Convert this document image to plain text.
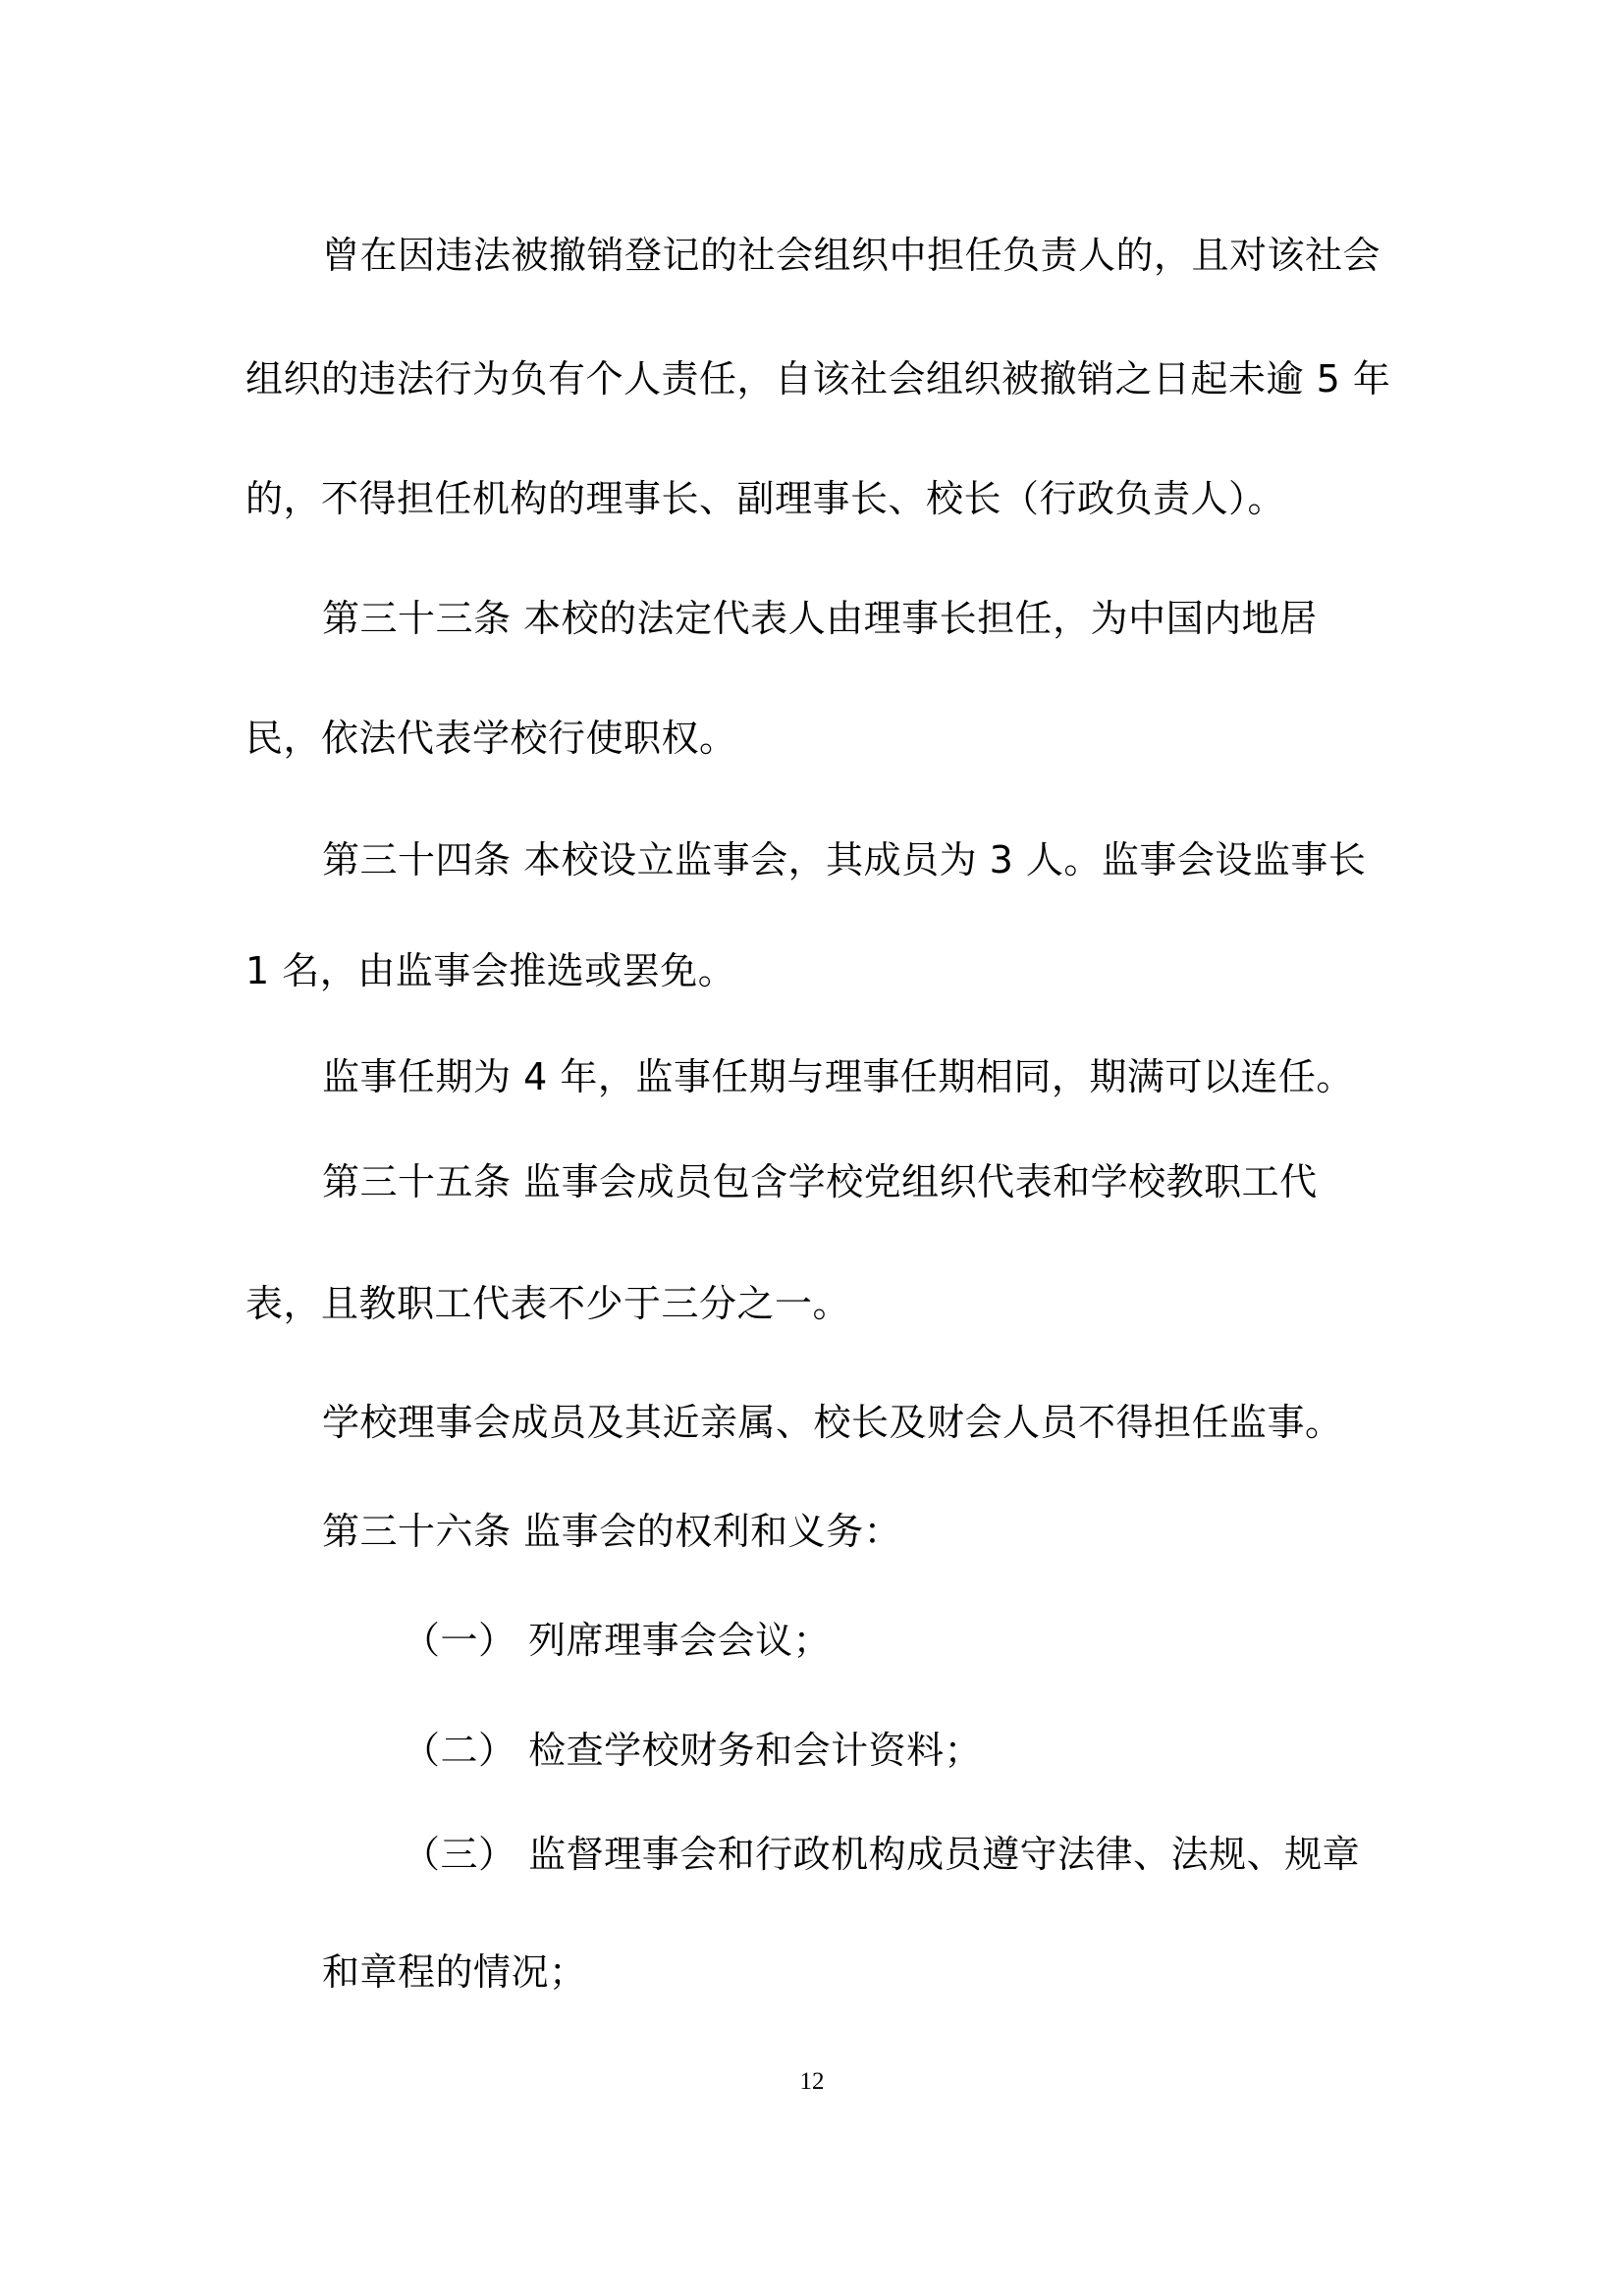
曾在因违法被撤销登记的社会组织中担任负责人的，且对该社会
组织的违法行为负有个人责任，自该社会组织被撤销之日起未逾 5 年
的，不得担任机构的理事长、副理事长、校长（行政负责人）。
第三十三条 本校的法定代表人由理事长担任，为中国内地居
民，依法代表学校行使职权。
第三十四条 本校设立监事会，其成员为 3 人。监事会设监事长
1 名，由监事会推选或罢免。
监事任期为 4 年，监事任期与理事任期相同，期满可以连任。
第三十五条 监事会成员包含学校党组织代表和学校教职工代
表，且教职工代表不少于三分之一。
学校理事会成员及其近亲属、校长及财会人员不得担任监事。
第三十六条 监事会的权利和义务：
（一） 列席理事会会议；
（二） 检查学校财务和会计资料；
（三） 监督理事会和行政机构成员遵守法律、法规、规章
和章程的情况；
12
